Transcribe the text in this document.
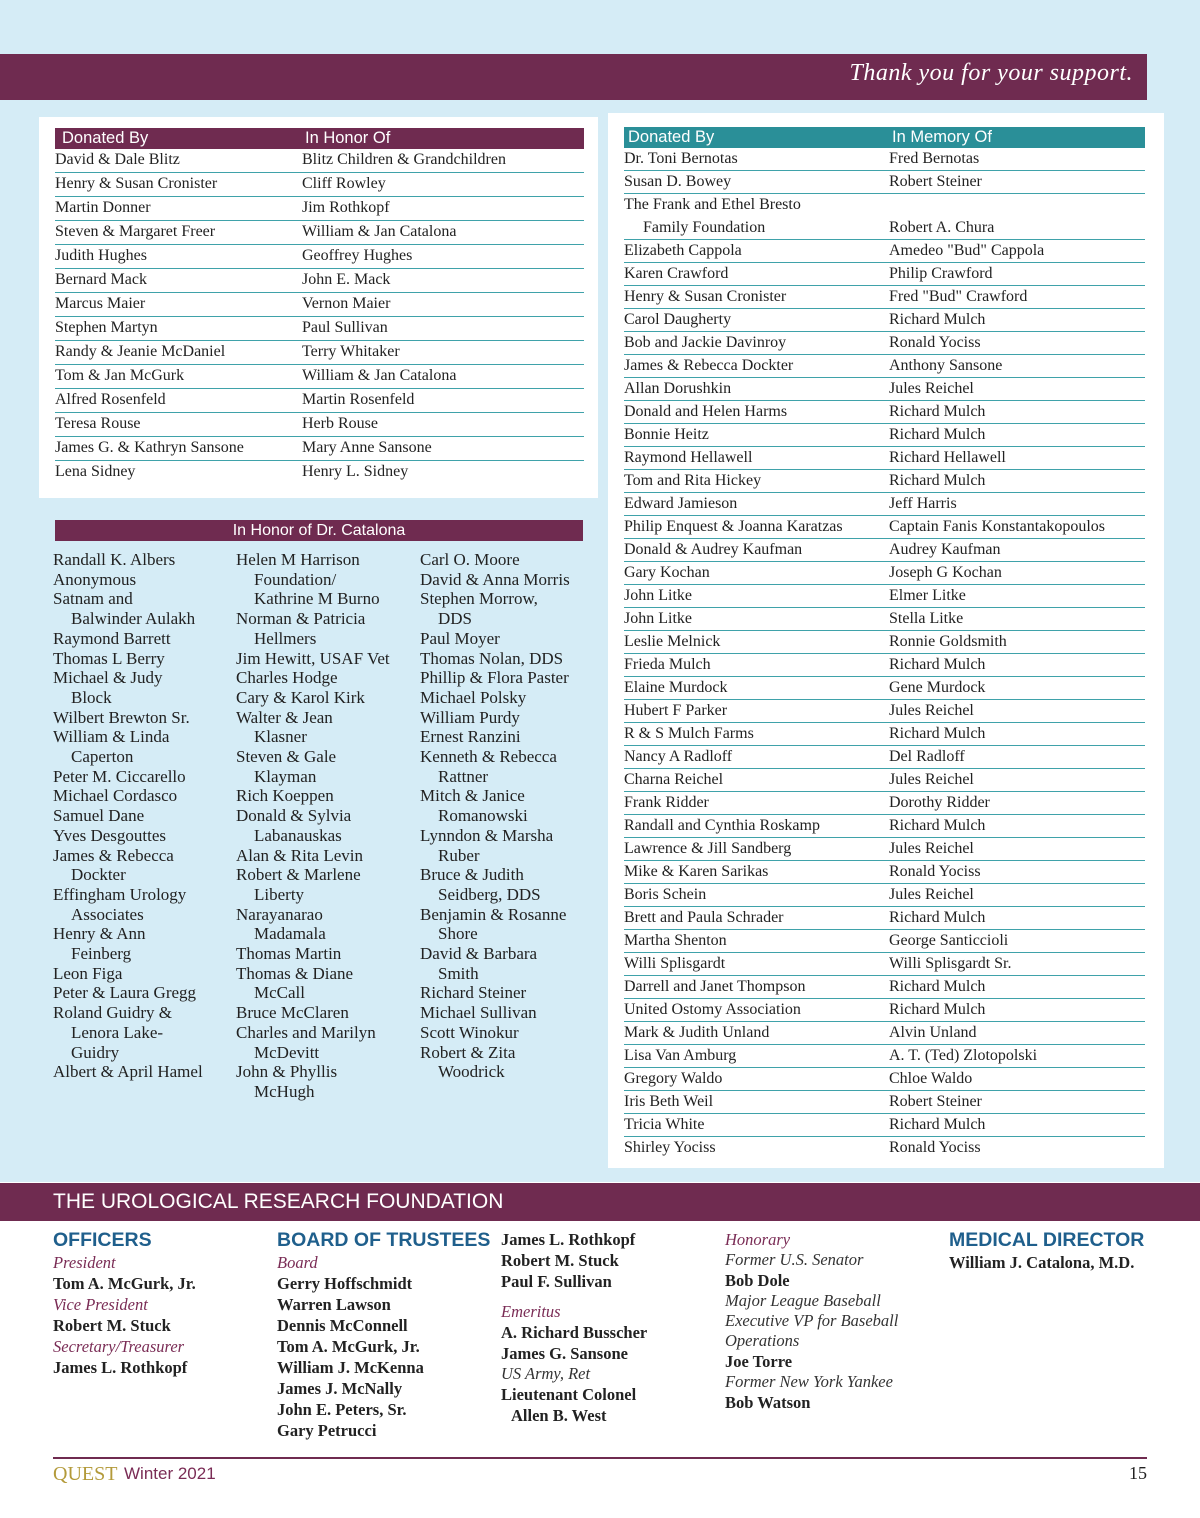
Thank you for your support.
Donated By	In Honor Of
David & Dale Blitz	Blitz Children & Grandchildren
Henry & Susan Cronister	Cliff Rowley
Martin Donner	Jim Rothkopf
Steven & Margaret Freer	William & Jan Catalona
Judith Hughes	Geoffrey Hughes
Bernard Mack	John E. Mack
Marcus Maier	Vernon Maier
Stephen Martyn	Paul Sullivan
Randy & Jeanie McDaniel	Terry Whitaker
Tom & Jan McGurk	William & Jan Catalona
Alfred Rosenfeld	Martin Rosenfeld
Teresa Rouse	Herb Rouse
James G. & Kathryn Sansone	Mary Anne Sansone
Lena Sidney	Henry L. Sidney
In Honor of Dr. Catalona
Randall K. Albers
Anonymous
Satnam and
Balwinder Aulakh
Raymond Barrett
Thomas L Berry
Michael & Judy
Block
Wilbert Brewton Sr.
William & Linda
Caperton
Peter M. Ciccarello
Michael Cordasco
Samuel Dane
Yves Desgouttes
James & Rebecca
Dockter
Effingham Urology
Associates
Henry & Ann
Feinberg
Leon Figa
Peter & Laura Gregg
Roland Guidry &
Lenora Lake-
Guidry
Albert & April Hamel
Helen M Harrison
Foundation/
Kathrine M Burno
Norman & Patricia
Hellmers
Jim Hewitt, USAF Vet
Charles Hodge
Cary & Karol Kirk
Walter & Jean
Klasner
Steven & Gale
Klayman
Rich Koeppen
Donald & Sylvia
Labanauskas
Alan & Rita Levin
Robert & Marlene
Liberty
Narayanarao
Madamala
Thomas Martin
Thomas & Diane
McCall
Bruce McClaren
Charles and Marilyn
McDevitt
John & Phyllis
McHugh
Carl O. Moore
David & Anna Morris
Stephen Morrow,
DDS
Paul Moyer
Thomas Nolan, DDS
Phillip & Flora Paster
Michael Polsky
William Purdy
Ernest Ranzini
Kenneth & Rebecca
Rattner
Mitch & Janice
Romanowski
Lynndon & Marsha
Ruber
Bruce & Judith
Seidberg, DDS
Benjamin & Rosanne
Shore
David & Barbara
Smith
Richard Steiner
Michael Sullivan
Scott Winokur
Robert & Zita
Woodrick
Donated By	In Memory Of
Dr. Toni Bernotas	Fred Bernotas
Susan D. Bowey	Robert Steiner
The Frank and Ethel Bresto
Family Foundation	Robert A. Chura
Elizabeth Cappola	Amedeo "Bud" Cappola
Karen Crawford	Philip Crawford
Henry & Susan Cronister	Fred "Bud" Crawford
Carol Daugherty	Richard Mulch
Bob and Jackie Davinroy	Ronald Yociss
James & Rebecca Dockter	Anthony Sansone
Allan Dorushkin	Jules Reichel
Donald and Helen Harms	Richard Mulch
Bonnie Heitz	Richard Mulch
Raymond Hellawell	Richard Hellawell
Tom and Rita Hickey	Richard Mulch
Edward Jamieson	Jeff Harris
Philip Enquest & Joanna Karatzas	Captain Fanis Konstantakopoulos
Donald & Audrey Kaufman	Audrey Kaufman
Gary Kochan	Joseph G Kochan
John Litke	Elmer Litke
John Litke	Stella Litke
Leslie Melnick	Ronnie Goldsmith
Frieda Mulch	Richard Mulch
Elaine Murdock	Gene Murdock
Hubert F Parker	Jules Reichel
R & S Mulch Farms	Richard Mulch
Nancy A Radloff	Del Radloff
Charna Reichel	Jules Reichel
Frank Ridder	Dorothy Ridder
Randall and Cynthia Roskamp	Richard Mulch
Lawrence & Jill Sandberg	Jules Reichel
Mike & Karen Sarikas	Ronald Yociss
Boris Schein	Jules Reichel
Brett and Paula Schrader	Richard Mulch
Martha Shenton	George Santiccioli
Willi Splisgardt	Willi Splisgardt Sr.
Darrell and Janet Thompson	Richard Mulch
United Ostomy Association	Richard Mulch
Mark & Judith Unland	Alvin Unland
Lisa Van Amburg	A. T. (Ted) Zlotopolski
Gregory Waldo	Chloe Waldo
Iris Beth Weil	Robert Steiner
Tricia White	Richard Mulch
Shirley Yociss	Ronald Yociss
THE UROLOGICAL RESEARCH FOUNDATION
OFFICERS
President
Tom A. McGurk, Jr.
Vice President
Robert M. Stuck
Secretary/Treasurer
James L. Rothkopf
BOARD OF TRUSTEES
Board
Gerry Hoffschmidt
Warren Lawson
Dennis McConnell
Tom A. McGurk, Jr.
William J. McKenna
James J. McNally
John E. Peters, Sr.
Gary Petrucci
James L. Rothkopf
Robert M. Stuck
Paul F. Sullivan
Emeritus
A. Richard Busscher
James G. Sansone
US Army, Ret
Lieutenant Colonel
Allen B. West
Honorary
Former U.S. Senator
Bob Dole
Major League Baseball
Executive VP for Baseball
Operations
Joe Torre
Former New York Yankee
Bob Watson
MEDICAL DIRECTOR
William J. Catalona, M.D.
QUEST Winter 2021	15
